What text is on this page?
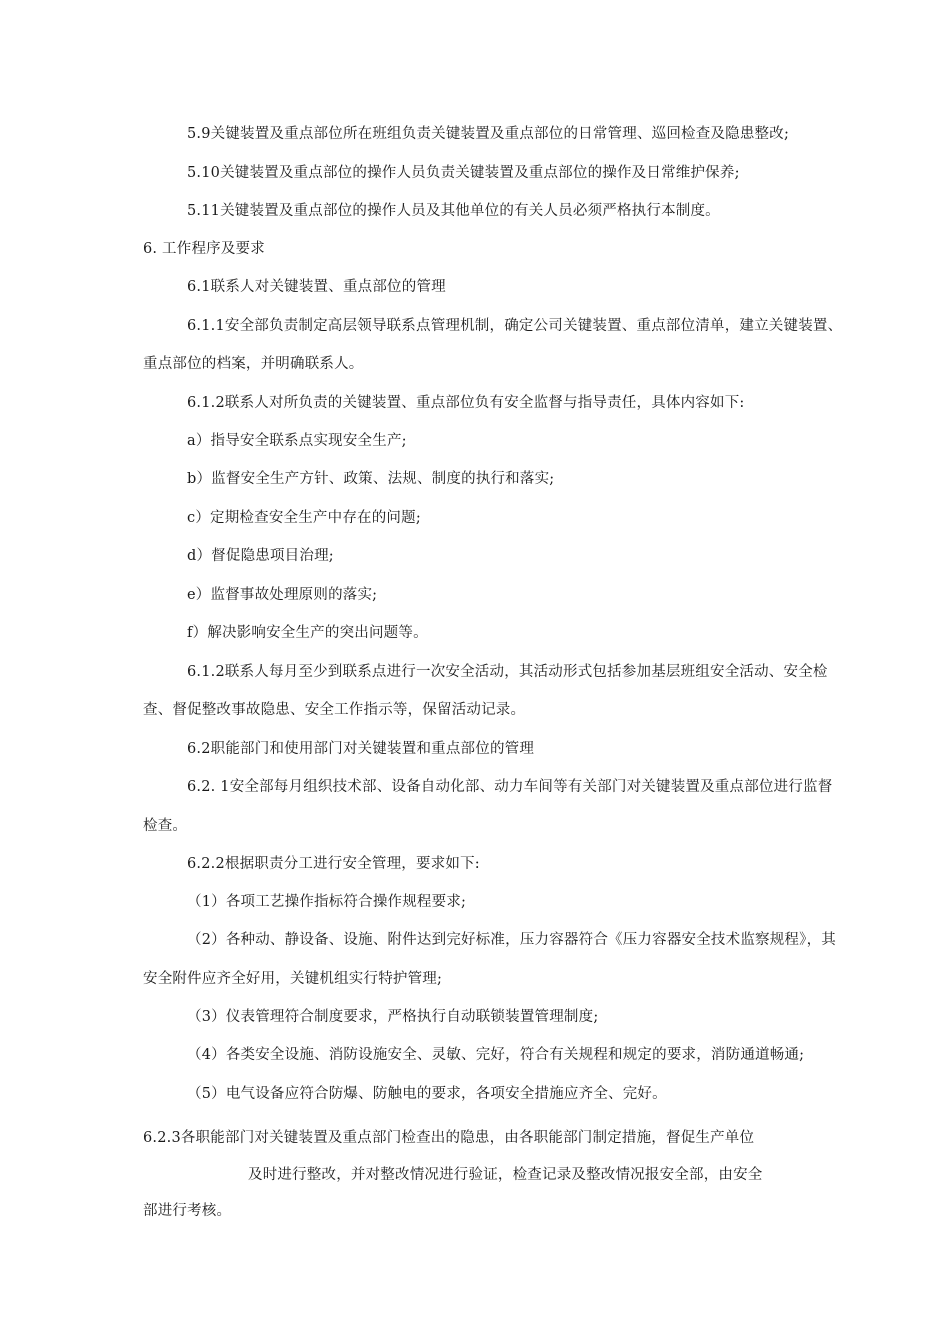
5.9关键装置及重点部位所在班组负责关键装置及重点部位的日常管理、巡回检查及隐患整改;
5.10关键装置及重点部位的操作人员负责关键装置及重点部位的操作及日常维护保养;
5.11关键装置及重点部位的操作人员及其他单位的有关人员必须严格执行本制度。
6. 工作程序及要求
6.1联系人对关键装置、重点部位的管理
6.1.1安全部负责制定高层领导联系点管理机制，确定公司关键装置、重点部位清单，建立关键装置、
重点部位的档案，并明确联系人。
6.1.2联系人对所负责的关键装置、重点部位负有安全监督与指导责任，具体内容如下:
a）指导安全联系点实现安全生产;
b）监督安全生产方针、政策、法规、制度的执行和落实;
c）定期检查安全生产中存在的问题;
d）督促隐患项目治理;
e）监督事故处理原则的落实;
f）解决影响安全生产的突出问题等。
6.1.2联系人每月至少到联系点进行一次安全活动，其活动形式包括参加基层班组安全活动、安全检
查、督促整改事故隐患、安全工作指示等，保留活动记录。
6.2职能部门和使用部门对关键装置和重点部位的管理
6.2. 1安全部每月组织技术部、设备自动化部、动力车间等有关部门对关键装置及重点部位进行监督
检查。
6.2.2根据职责分工进行安全管理，要求如下:
（1）各项工艺操作指标符合操作规程要求;
（2）各种动、静设备、设施、附件达到完好标准，压力容器符合《压力容器安全技术监察规程》，其
安全附件应齐全好用，关键机组实行特护管理;
（3）仪表管理符合制度要求，严格执行自动联锁装置管理制度;
（4）各类安全设施、消防设施安全、灵敏、完好，符合有关规程和规定的要求，消防通道畅通;
（5）电气设备应符合防爆、防触电的要求，各项安全措施应齐全、完好。
6.2.3各职能部门对关键装置及重点部门检查出的隐患，由各职能部门制定措施，督促生产单位
及时进行整改，并对整改情况进行验证，检查记录及整改情况报安全部，由安全
部进行考核。
